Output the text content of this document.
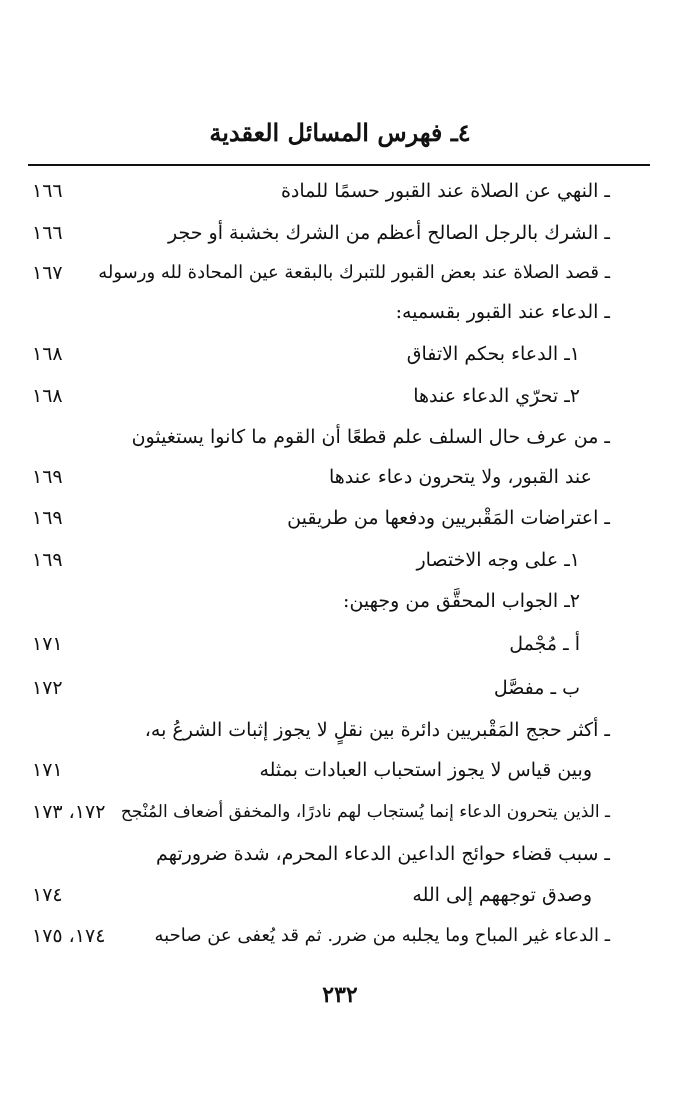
٤ـ فهرس المسائل العقدية
ـ النهي عن الصلاة عند القبور حسمًا للمادة
١٦٦
ـ الشرك بالرجل الصالح أعظم من الشرك بخشبة أو حجر
١٦٦
ـ قصد الصلاة عند بعض القبور للتبرك بالبقعة عين المحادة لله ورسوله
١٦٧
ـ الدعاء عند القبور بقسميه:
١ـ الدعاء بحكم الاتفاق
١٦٨
٢ـ تحرّي الدعاء عندها
١٦٨
ـ من عرف حال السلف علم قطعًا أن القوم ما كانوا يستغيثون
عند القبور، ولا يتحرون دعاء عندها
١٦٩
ـ اعتراضات المَقْبريين ودفعها من طريقين
١٦٩
١ـ على وجه الاختصار
١٦٩
٢ـ الجواب المحقَّق من وجهين:
أ ـ مُجْمل
١٧١
ب ـ مفصَّل
١٧٢
ـ أكثر حجج المَقْبريين دائرة بين نقلٍ لا يجوز إثبات الشرعُ به،
وبين قياس لا يجوز استحباب العبادات بمثله
١٧١
ـ الذين يتحرون الدعاء إنما يُستجاب لهم نادرًا، والمخفق أضعاف المُنْجح
١٧٢، ١٧٣
ـ سبب قضاء حوائج الداعين الدعاء المحرم، شدة ضرورتهم
وصدق توجههم إلى الله
١٧٤
ـ الدعاء غير المباح وما يجلبه من ضرر. ثم قد يُعفى عن صاحبه
١٧٤، ١٧٥
٢٣٢
